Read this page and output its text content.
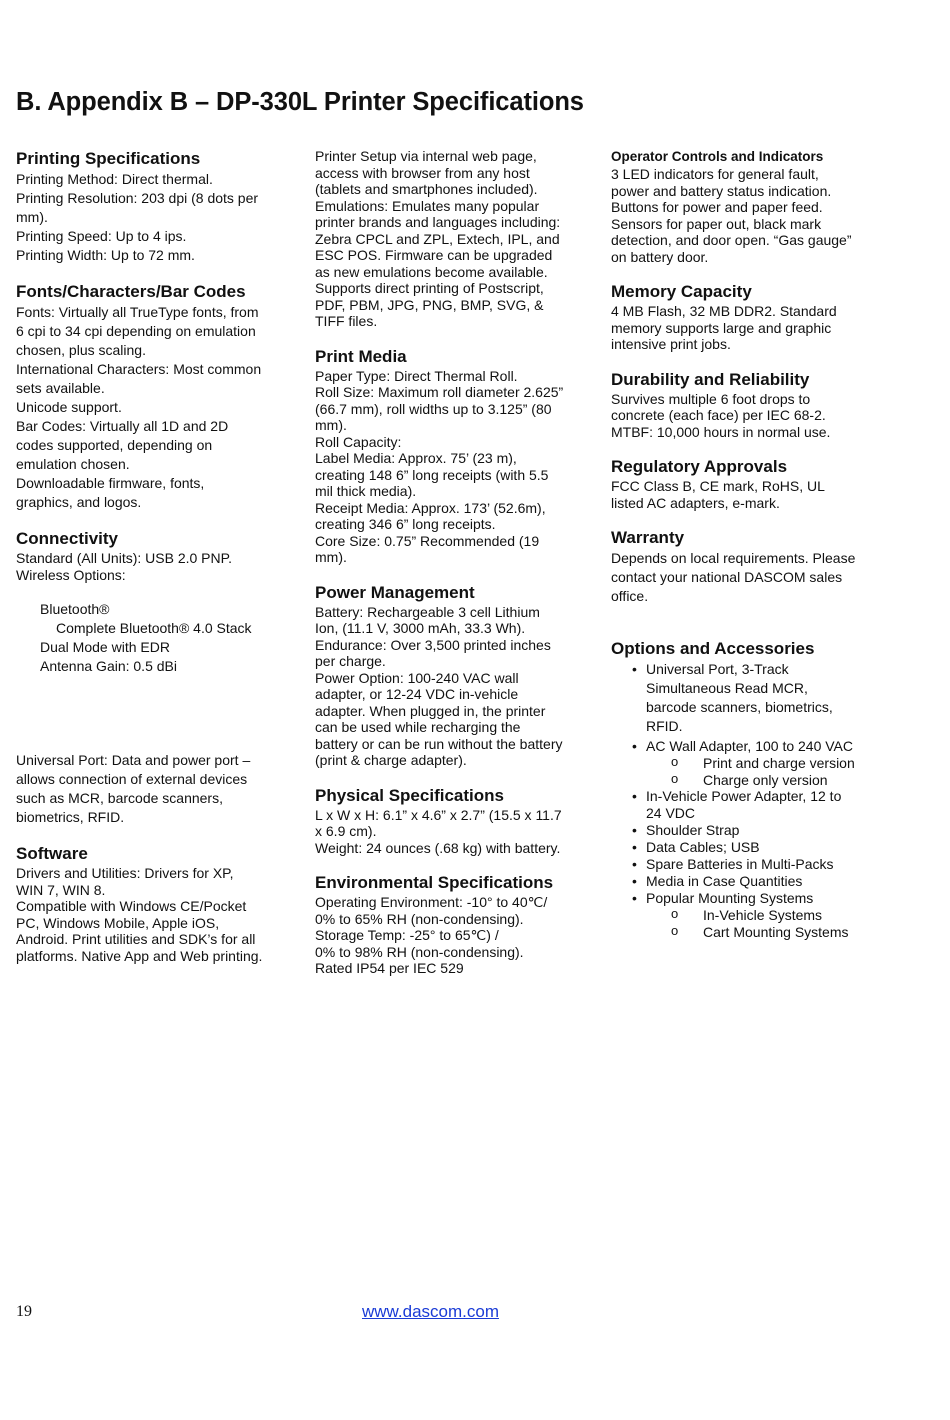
B. Appendix B – DP-330L Printer Specifications
Printing Specifications

Printing Method: Direct thermal.

Printing Resolution: 203 dpi (8 dots per

mm).

Printing Speed: Up to 4 ips.

Printing Width: Up to 72 mm.

Fonts/Characters/Bar Codes

Fonts: Virtually all TrueType fonts, from

6 cpi to 34 cpi depending on emulation

chosen, plus scaling.

International Characters: Most common

sets available.

Unicode support.

Bar Codes: Virtually all 1D and 2D

codes supported, depending on

emulation chosen.

Downloadable firmware, fonts,

graphics, and logos.

Connectivity

Standard (All Units): USB 2.0 PNP.

Wireless Options:

Bluetooth®

Complete Bluetooth® 4.0 Stack

Dual Mode with EDR

Antenna Gain: 0.5 dBi

Universal Port: Data and power port –

allows connection of external devices

such as MCR, barcode scanners,

biometrics, RFID.

Software

Drivers and Utilities: Drivers for XP,

WIN 7, WIN 8.

Compatible with Windows CE/Pocket

PC, Windows Mobile, Apple iOS,

Android. Print utilities and SDK’s for all

platforms. Native App and Web printing.

Printer Setup via internal web page,

access with browser from any host

(tablets and smartphones included).

Emulations: Emulates many popular

printer brands and languages including:

Zebra CPCL and ZPL, Extech, IPL, and

ESC POS. Firmware can be upgraded

as new emulations become available.

Supports direct printing of Postscript,

PDF, PBM, JPG, PNG, BMP, SVG, &

TIFF files.

Print Media

Paper Type: Direct Thermal Roll.

Roll Size: Maximum roll diameter 2.625”

(66.7 mm), roll widths up to 3.125” (80

mm).

Roll Capacity:

Label Media: Approx. 75’ (23 m),

creating 148 6” long receipts (with 5.5

mil thick media).

Receipt Media: Approx. 173’ (52.6m),

creating 346 6” long receipts.

Core Size: 0.75” Recommended (19

mm).

Power Management

Battery: Rechargeable 3 cell Lithium

Ion, (11.1 V, 3000 mAh, 33.3 Wh).

Endurance: Over 3,500 printed inches

per charge.

Power Option: 100-240 VAC wall

adapter, or 12-24 VDC in-vehicle

adapter. When plugged in, the printer

can be used while recharging the

battery or can be run without the battery

(print & charge adapter).

Physical Specifications

L x W x H: 6.1” x 4.6” x 2.7” (15.5 x 11.7

x 6.9 cm).

Weight: 24 ounces (.68 kg) with battery.

Environmental Specifications

Operating Environment: -10° to 40℃/

0% to 65% RH (non-condensing).

Storage Temp: -25° to 65℃) /

0% to 98% RH (non-condensing).

Rated IP54 per IEC 529

Operator Controls and Indicators

3 LED indicators for general fault,

power and battery status indication.

Buttons for power and paper feed.

Sensors for paper out, black mark

detection, and door open. “Gas gauge”

on battery door.

Memory Capacity

4 MB Flash, 32 MB DDR2. Standard

memory supports large and graphic

intensive print jobs.

Durability and Reliability

Survives multiple 6 foot drops to

concrete (each face) per IEC 68-2.

MTBF: 10,000 hours in normal use.

Regulatory Approvals

FCC Class B, CE mark, RoHS, UL

listed AC adapters, e-mark.

Warranty

Depends on local requirements. Please

contact your national DASCOM sales

office.

Options and Accessories
• Universal Port, 3-Track
Simultaneous Read MCR,
barcode scanners, biometrics,
RFID.
• AC Wall Adapter, 100 to 240 VAC
o Print and charge version
o Charge only version
• In-Vehicle Power Adapter, 12 to
24 VDC
• Shoulder Strap
• Data Cables; USB
• Spare Batteries in Multi-Packs
• Media in Case Quantities
• Popular Mounting Systems
o In-Vehicle Systems
o Cart Mounting Systems

19	www.dascom.com
